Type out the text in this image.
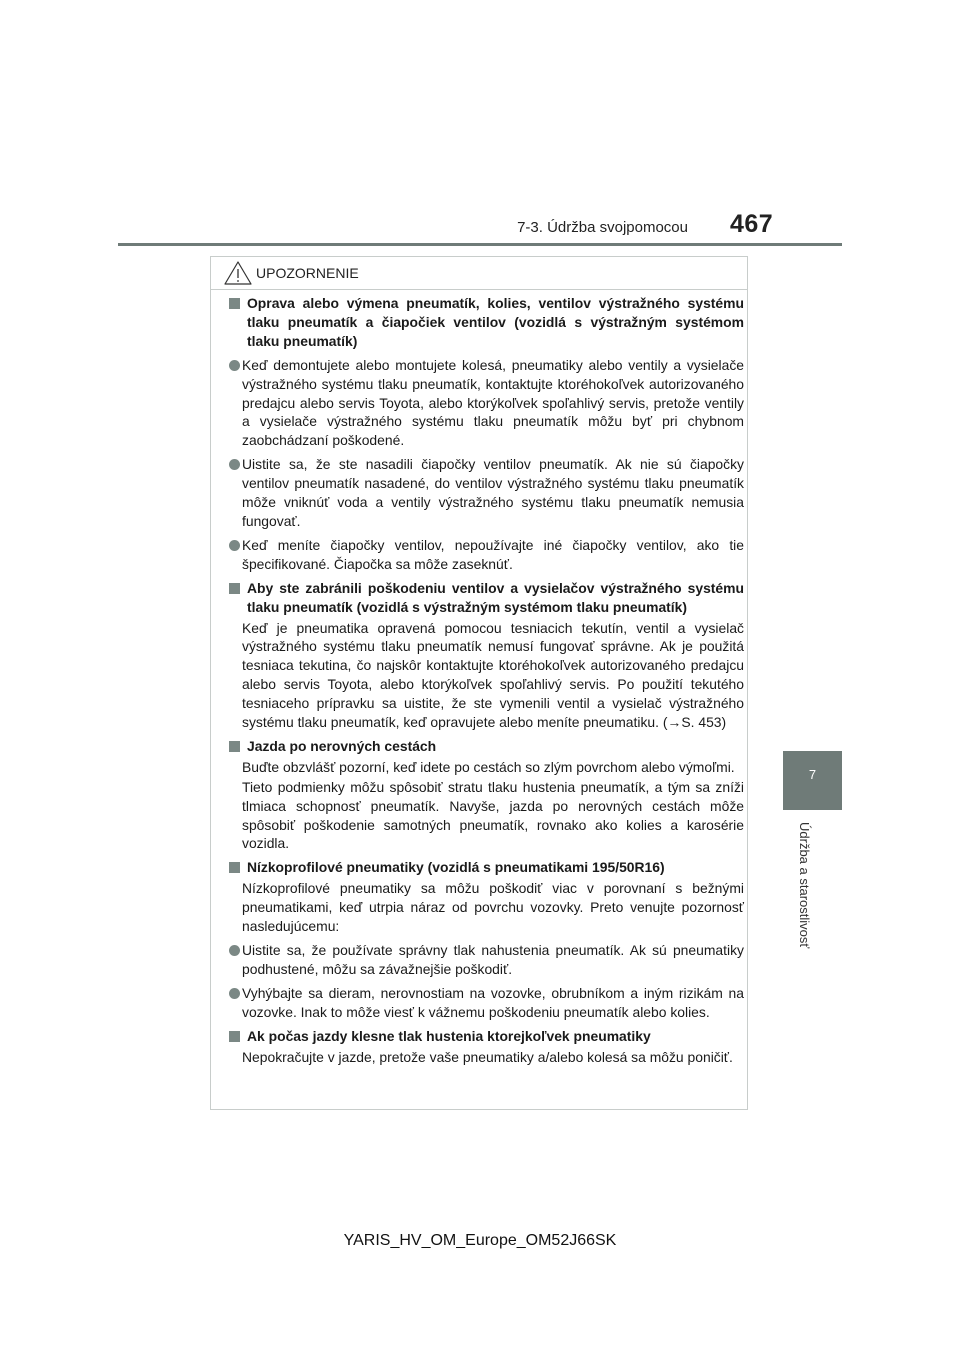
7-3. Údržba svojpomocou 467
7
Údržba a starostlivosť
UPOZORNENIE
Oprava alebo výmena pneumatík, kolies, ventilov výstražného systému tlaku pneumatík a čiapočiek ventilov (vozidlá s výstražným systémom tlaku pneumatík)
Keď demontujete alebo montujete kolesá, pneumatiky alebo ventily a vysielače výstražného systému tlaku pneumatík, kontaktujte ktoréhokoľvek autorizovaného predajcu alebo servis Toyota, alebo ktorýkoľvek spoľahlivý servis, pretože ventily a vysielače výstražného systému tlaku pneumatík môžu byť pri chybnom zaobchádzaní poškodené.
Uistite sa, že ste nasadili čiapočky ventilov pneumatík. Ak nie sú čiapočky ventilov pneumatík nasadené, do ventilov výstražného systému tlaku pneumatík môže vniknúť voda a ventily výstražného systému tlaku pneumatík nemusia fungovať.
Keď meníte čiapočky ventilov, nepoužívajte iné čiapočky ventilov, ako tie špecifikované. Čiapočka sa môže zaseknúť.
Aby ste zabránili poškodeniu ventilov a vysielačov výstražného systému tlaku pneumatík (vozidlá s výstražným systémom tlaku pneumatík)
Keď je pneumatika opravená pomocou tesniacich tekutín, ventil a vysielač výstražného systému tlaku pneumatík nemusí fungovať správne. Ak je použitá tesniaca tekutina, čo najskôr kontaktujte ktoréhokoľvek autorizovaného predajcu alebo servis Toyota, alebo ktorýkoľvek spoľahlivý servis. Po použití tekutého tesniaceho prípravku sa uistite, že ste vymenili ventil a vysielač výstražného systému tlaku pneumatík, keď opravujete alebo meníte pneumatiku. (→S. 453)
Jazda po nerovných cestách
Buďte obzvlášť pozorní, keď idete po cestách so zlým povrchom alebo výmoľmi.
Tieto podmienky môžu spôsobiť stratu tlaku hustenia pneumatík, a tým sa zníži tlmiaca schopnosť pneumatík. Navyše, jazda po nerovných cestách môže spôsobiť poškodenie samotných pneumatík, rovnako ako kolies a karosérie vozidla.
Nízkoprofilové pneumatiky (vozidlá s pneumatikami 195/50R16)
Nízkoprofilové pneumatiky sa môžu poškodiť viac v porovnaní s bežnými pneumatikami, keď utrpia náraz od povrchu vozovky. Preto venujte pozornosť nasledujúcemu:
Uistite sa, že používate správny tlak nahustenia pneumatík. Ak sú pneumatiky podhustené, môžu sa závažnejšie poškodiť.
Vyhýbajte sa dieram, nerovnostiam na vozovke, obrubníkom a iným rizikám na vozovke. Inak to môže viesť k vážnemu poškodeniu pneumatík alebo kolies.
Ak počas jazdy klesne tlak hustenia ktorejkoľvek pneumatiky
Nepokračujte v jazde, pretože vaše pneumatiky a/alebo kolesá sa môžu poničiť.
YARIS_HV_OM_Europe_OM52J66SK
